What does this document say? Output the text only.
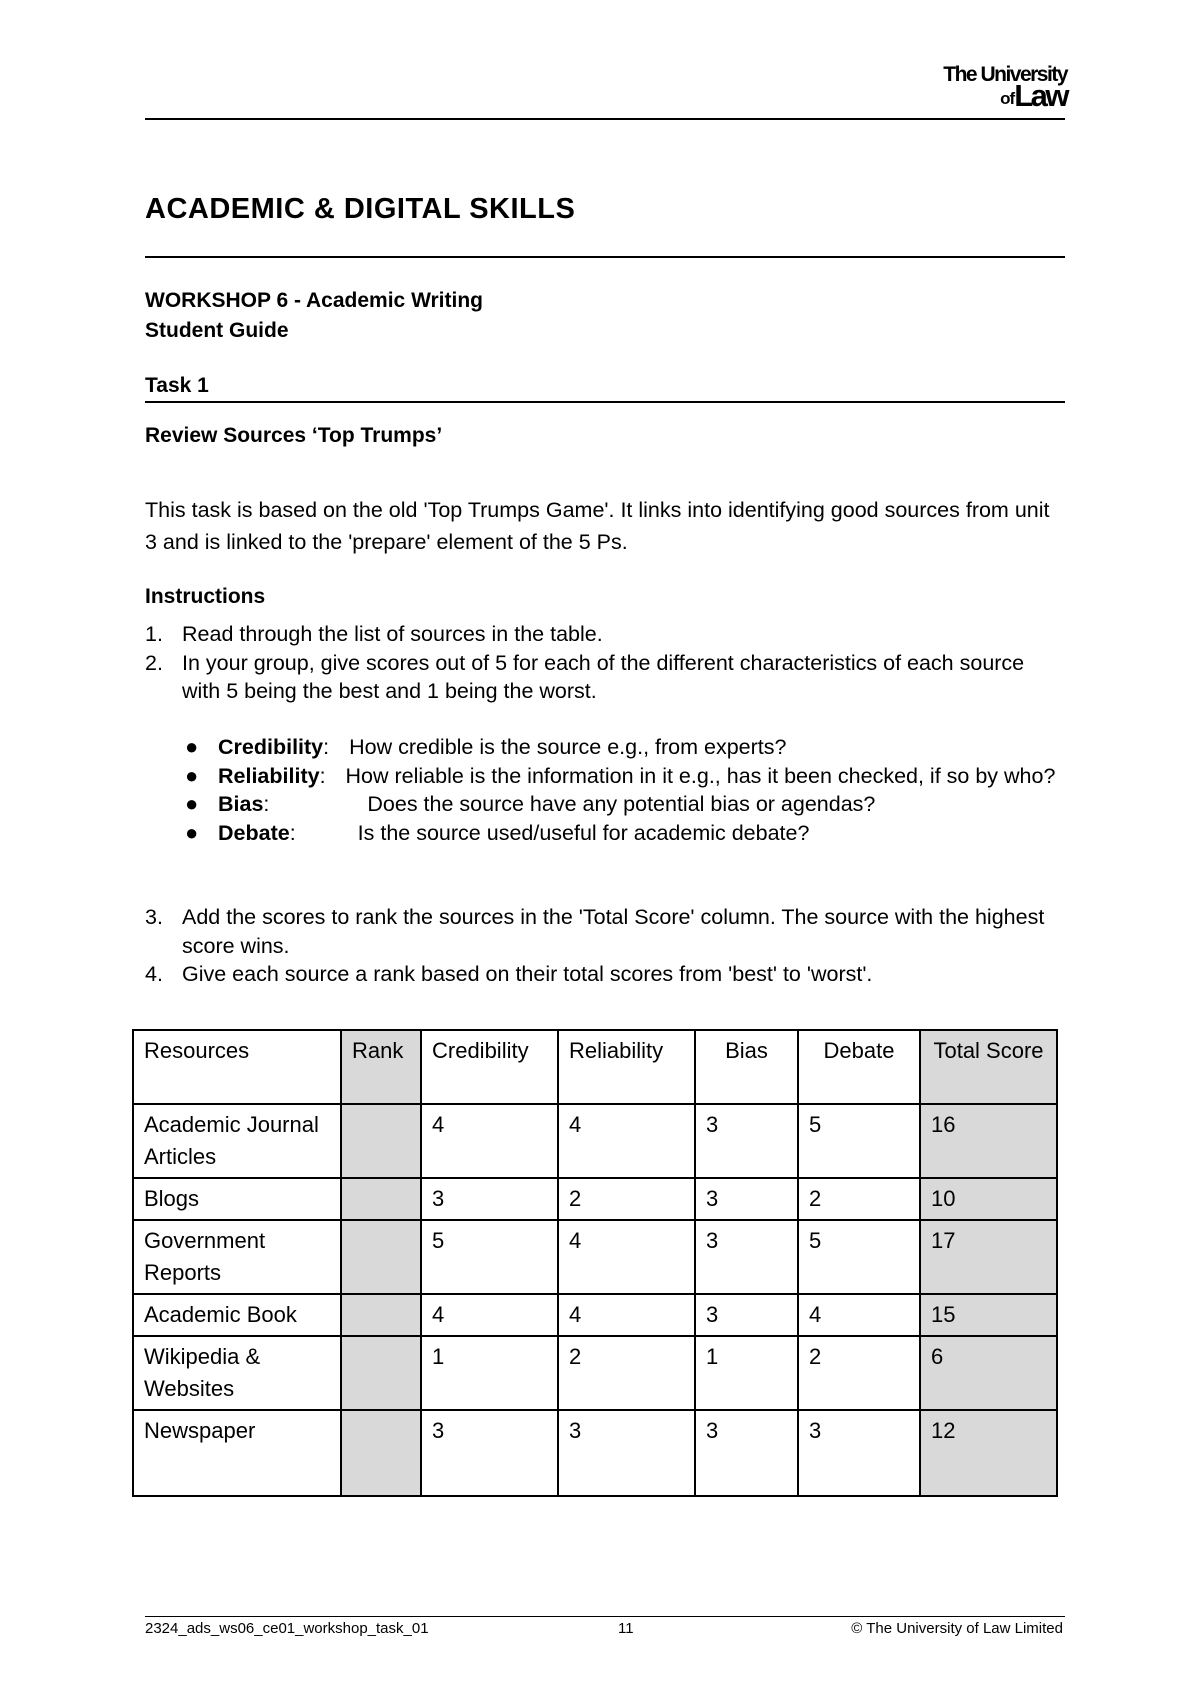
The University
ofLaw
ACADEMIC & DIGITAL SKILLS
WORKSHOP 6 - Academic Writing
Student Guide
Task 1
Review Sources ‘Top Trumps’
This task is based on the old 'Top Trumps Game'. It links into identifying good sources from unit 3 and is linked to the 'prepare' element of the 5 Ps.
Instructions
1. Read through the list of sources in the table.
2. In your group, give scores out of 5 for each of the different characteristics of each source with 5 being the best and 1 being the worst.
● Credibility: How credible is the source e.g., from experts?
● Reliability: How reliable is the information in it e.g., has it been checked, if so by who?
● Bias:	Does the source have any potential bias or agendas?
● Debate:	Is the source used/useful for academic debate?
3. Add the scores to rank the sources in the 'Total Score' column. The source with the highest score wins.
4. Give each source a rank based on their total scores from 'best' to 'worst'.
Resources	Rank	Credibility	Reliability	Bias	Debate	Total Score
Academic Journal Articles		4	4	3	5	16
Blogs		3	2	3	2	10
Government Reports		5	4	3	5	17
Academic Book		4	4	3	4	15
Wikipedia & Websites		1	2	1	2	6
Newspaper		3	3	3	3	12
2324_ads_ws06_ce01_workshop_task_01	11	© The University of Law Limited
